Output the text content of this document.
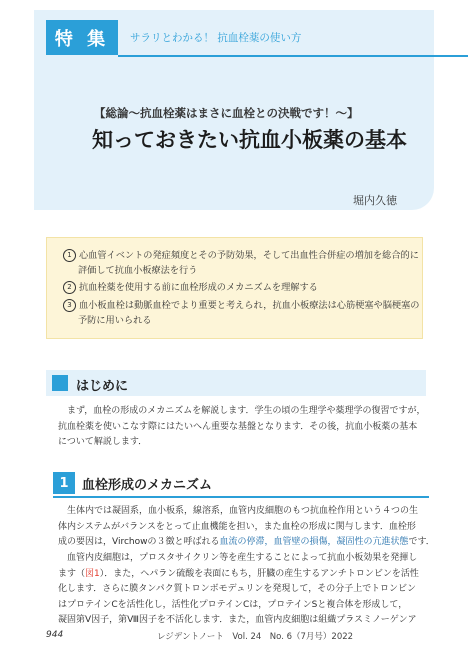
特 集	サラリとわかる！ 抗血栓薬の使い方
【総論〜抗血栓薬はまさに血栓との決戦です！〜】
知っておきたい抗血小板薬の基本
堀内久徳
1 心血管イベントの発症頻度とその予防効果，そして出血性合併症の増加を総合的に
評価して抗血小板療法を行う
2 抗血栓薬を使用する前に血栓形成のメカニズムを理解する
3 血小板血栓は動脈血栓でより重要と考えられ，抗血小板療法は心筋梗塞や脳梗塞の
予防に用いられる
はじめに
まず，血栓の形成のメカニズムを解説します．学生の頃の生理学や薬理学の復習ですが，
抗血栓薬を使いこなす際にはたいへん重要な基盤となります．その後，抗血小板薬の基本
について解説します．
1	血栓形成のメカニズム
生体内では凝固系，血小板系，線溶系，血管内皮細胞のもつ抗血栓作用という４つの生
体内システムがバランスをとって止血機能を担い，また血栓の形成に関与します．血栓形
成の要因は，Virchowの３徴と呼ばれる血流の停滞，血管壁の損傷，凝固性の亢進状態です．
血管内皮細胞は，プロスタサイクリン等を産生することによって抗血小板効果を発揮し
ます（図1）．また，ヘパラン硫酸を表面にもち，肝臓の産生するアンチトロンビンを活性
化します．さらに膜タンパク質トロンボモデュリンを発現して，その分子上でトロンビン
はプロテインCを活性化し，活性化プロテインCは，プロテインSと複合体を形成して，
凝固第Ⅴ因子，第Ⅷ因子を不活化します．また，血管内皮細胞は組織プラスミノーゲンア
944	レジデントノート　Vol. 24　No. 6（7月号）2022
